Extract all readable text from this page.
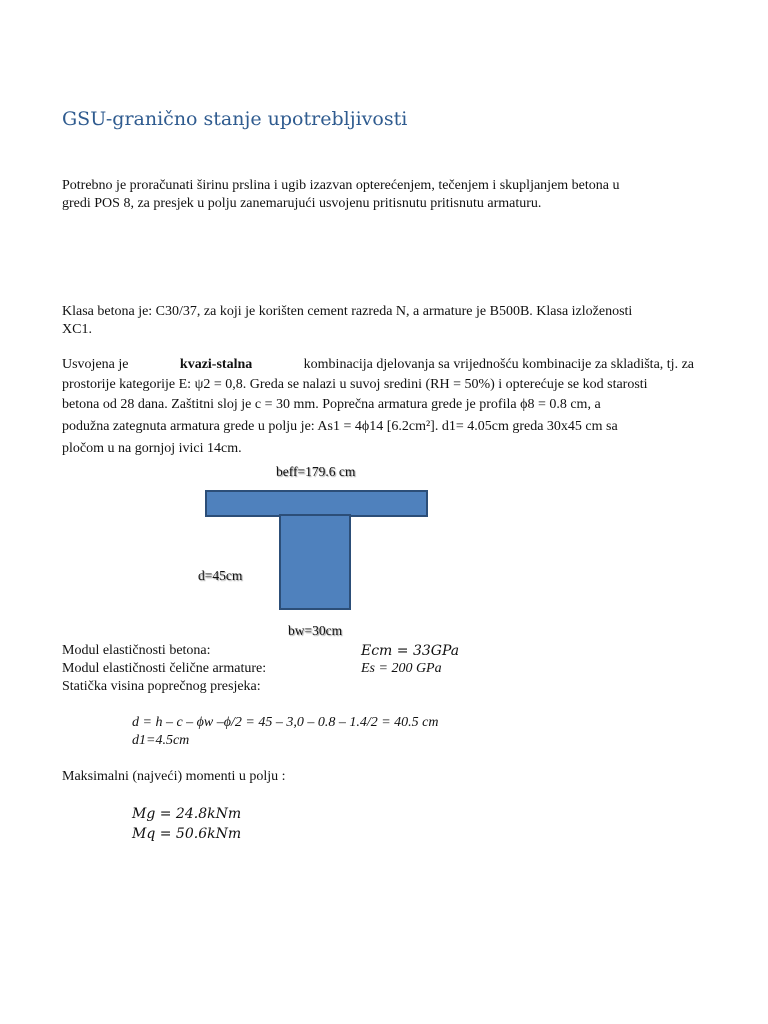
GSU-granično stanje upotrebljivosti
Potrebno je proračunati širinu prslina i ugib izazvan opterećenjem, tečenjem i skupljanjem betona u
gredi POS 8, za presjek u polju zanemarujući usvojenu pritisnutu pritisnutu armaturu.
Klasa betona je: C30/37, za koji je korišten cement razreda N, a armature je B500B. Klasa izloženosti
XC1.
Usvojena je	kvazi-stalna	kombinacija djelovanja sa vrijednošću kombinacije za skladišta, tj. za
prostorije kategorije E: ψ2 = 0,8. Greda se nalazi u suvoj sredini (RH = 50%) i opterećuje se kod starosti
betona od 28 dana. Zaštitni sloj je c = 30 mm. Poprečna armatura grede je profila ϕ8 = 0.8 cm, a
podužna zategnuta armatura grede u polju je: As1 = 4ϕ14 [6.2cm²]. d1= 4.05cm greda 30x45 cm sa
pločom u na gornjoj ivici 14cm.
beff=179.6 cm
d=45cm
bw=30cm
Modul elastičnosti betona:
Modul elastičnosti čelične armature:
Statička visina poprečnog presjeka:
Ecm = 33GPa
Es = 200 GPa
d = h – c – ϕw –ϕ/2 = 45 – 3,0 – 0.8 – 1.4/2 = 40.5 cm
d1=4.5cm
Maksimalni (najveći) momenti u polju :
Mg = 24.8kNm
Mq = 50.6kNm
